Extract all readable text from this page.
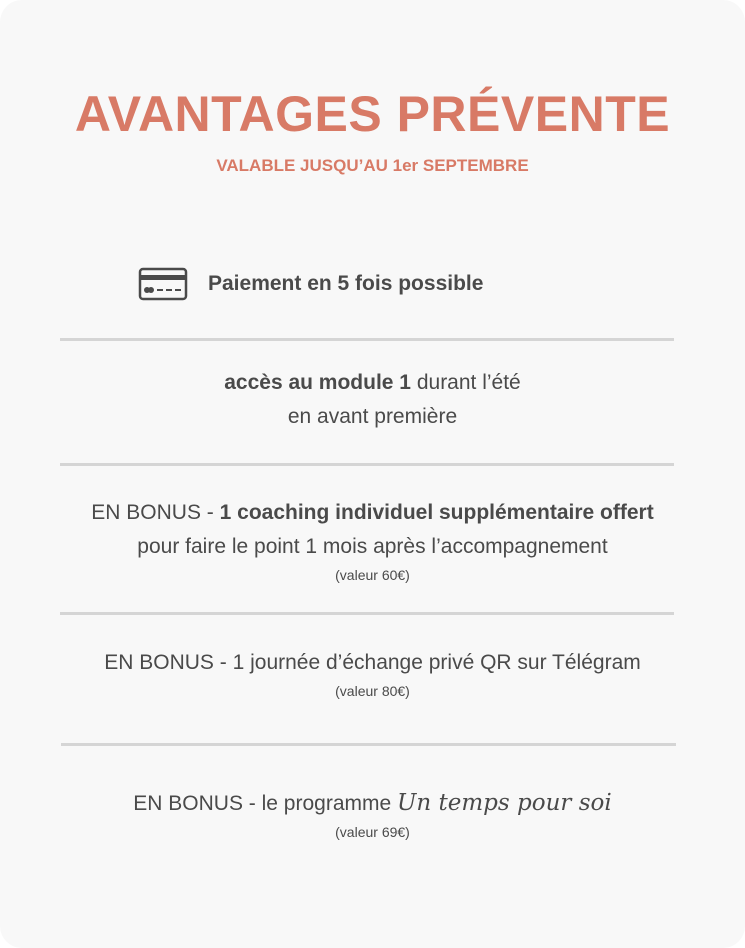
AVANTAGES PRÉVENTE
VALABLE JUSQU’AU 1er SEPTEMBRE
Paiement en 5 fois possible
accès au module 1 durant l’été
en avant première
EN BONUS - 1 coaching individuel supplémentaire offert
pour faire le point 1 mois après l’accompagnement
(valeur 60€)
EN BONUS - 1 journée d’échange privé QR sur Télégram
(valeur 80€)
EN BONUS - le programme Un temps pour soi
(valeur 69€)
